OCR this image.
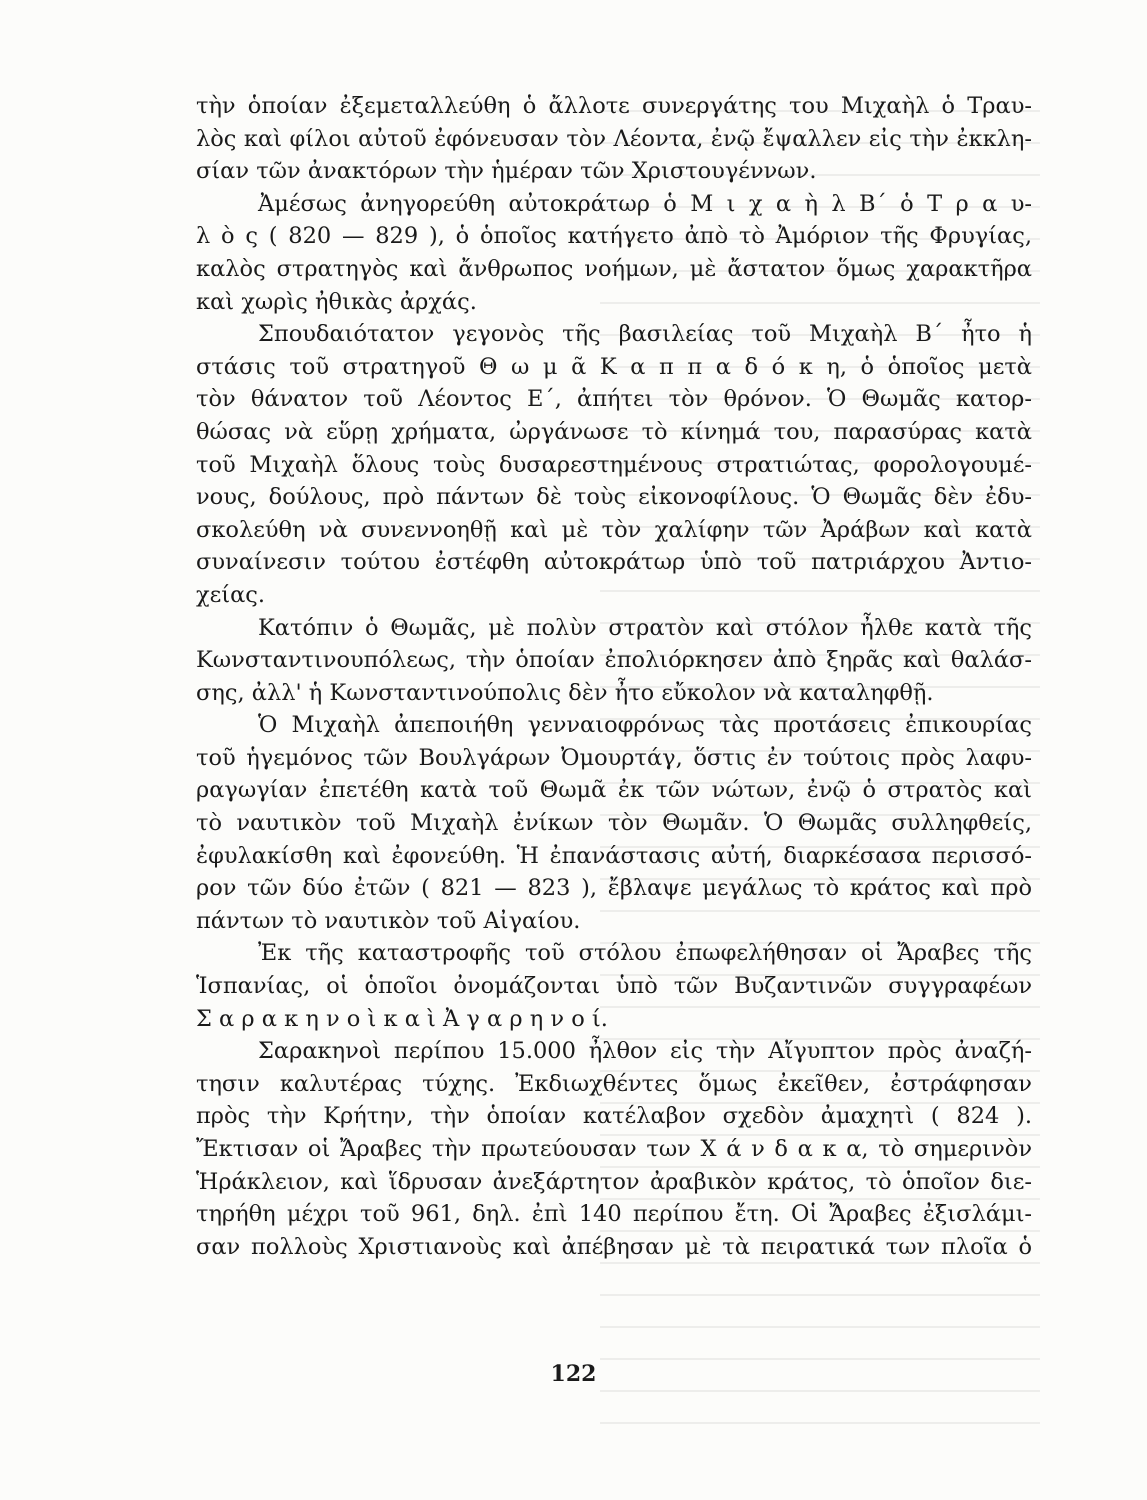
τὴν ὁποίαν ἐξεμεταλλεύθη ὁ ἄλλοτε συνεργάτης του Μιχαὴλ ὁ Τραυ-
λὸς καὶ φίλοι αὐτοῦ ἐφόνευσαν τὸν Λέοντα, ἐνῷ ἔψαλλεν εἰς τὴν ἐκκλη-
σίαν τῶν ἀνακτόρων τὴν ἡμέραν τῶν Χριστουγέννων.
Ἀμέσως ἀνηγορεύθη αὐτοκράτωρ ὁ Μ ι χ α ὴ λ Β΄ ὁ Τ ρ α υ-
λ ὸ ς ( 820 — 829 ), ὁ ὁποῖος κατήγετο ἀπὸ τὸ Ἀμόριον τῆς Φρυγίας,
καλὸς στρατηγὸς καὶ ἄνθρωπος νοήμων, μὲ ἄστατον ὅμως χαρακτῆρα
καὶ χωρὶς ἠθικὰς ἀρχάς.
Σπουδαιότατον γεγονὸς τῆς βασιλείας τοῦ Μιχαὴλ Β΄ ἦτο ἡ
στάσις τοῦ στρατηγοῦ Θ ω μ ᾶ Κ α π π α δ ό κ η, ὁ ὁποῖος μετὰ
τὸν θάνατον τοῦ Λέοντος Ε΄, ἀπήτει τὸν θρόνον. Ὁ Θωμᾶς κατορ-
θώσας νὰ εὕρῃ χρήματα, ὠργάνωσε τὸ κίνημά του, παρασύρας κατὰ
τοῦ Μιχαὴλ ὅλους τοὺς δυσαρεστημένους στρατιώτας, φορολογουμέ-
νους, δούλους, πρὸ πάντων δὲ τοὺς εἰκονοφίλους. Ὁ Θωμᾶς δὲν ἐδυ-
σκολεύθη νὰ συνεννοηθῇ καὶ μὲ τὸν χαλίφην τῶν Ἀράβων καὶ κατὰ
συναίνεσιν τούτου ἐστέφθη αὐτοκράτωρ ὑπὸ τοῦ πατριάρχου Ἀντιο-
χείας.
Κατόπιν ὁ Θωμᾶς, μὲ πολὺν στρατὸν καὶ στόλον ἦλθε κατὰ τῆς
Κωνσταντινουπόλεως, τὴν ὁποίαν ἐπολιόρκησεν ἀπὸ ξηρᾶς καὶ θαλάσ-
σης, ἀλλ' ἡ Κωνσταντινούπολις δὲν ἦτο εὔκολον νὰ καταληφθῇ.
Ὁ Μιχαὴλ ἀπεποιήθη γενναιοφρόνως τὰς προτάσεις ἐπικουρίας
τοῦ ἡγεμόνος τῶν Βουλγάρων Ὀμουρτάγ, ὅστις ἐν τούτοις πρὸς λαφυ-
ραγωγίαν ἐπετέθη κατὰ τοῦ Θωμᾶ ἐκ τῶν νώτων, ἐνῷ ὁ στρατὸς καὶ
τὸ ναυτικὸν τοῦ Μιχαὴλ ἐνίκων τὸν Θωμᾶν. Ὁ Θωμᾶς συλληφθείς,
ἐφυλακίσθη καὶ ἐφονεύθη. Ἡ ἐπανάστασις αὐτή, διαρκέσασα περισσό-
ρον τῶν δύο ἐτῶν ( 821 — 823 ), ἔβλαψε μεγάλως τὸ κράτος καὶ πρὸ
πάντων τὸ ναυτικὸν τοῦ Αἰγαίου.
Ἐκ τῆς καταστροφῆς τοῦ στόλου ἐπωφελήθησαν οἱ Ἄραβες τῆς
Ἱσπανίας, οἱ ὁποῖοι ὀνομάζονται ὑπὸ τῶν Βυζαντινῶν συγγραφέων
Σ α ρ α κ η ν ο ὶ κ α ὶ Ἀ γ α ρ η ν ο ί.
Σαρακηνοὶ περίπου 15.000 ἦλθον εἰς τὴν Αἴγυπτον πρὸς ἀναζή-
τησιν καλυτέρας τύχης. Ἐκδιωχθέντες ὅμως ἐκεῖθεν, ἐστράφησαν
πρὸς τὴν Κρήτην, τὴν ὁποίαν κατέλαβον σχεδὸν ἀμαχητὶ ( 824 ).
Ἔκτισαν οἱ Ἄραβες τὴν πρωτεύουσαν των Χ ά ν δ α κ α, τὸ σημερινὸν
Ἡράκλειον, καὶ ἵδρυσαν ἀνεξάρτητον ἀραβικὸν κράτος, τὸ ὁποῖον διε-
τηρήθη μέχρι τοῦ 961, δηλ. ἐπὶ 140 περίπου ἔτη. Οἱ Ἄραβες ἐξισλάμι-
σαν πολλοὺς Χριστιανοὺς καὶ ἀπέβησαν μὲ τὰ πειρατικά των πλοῖα ὁ
122
